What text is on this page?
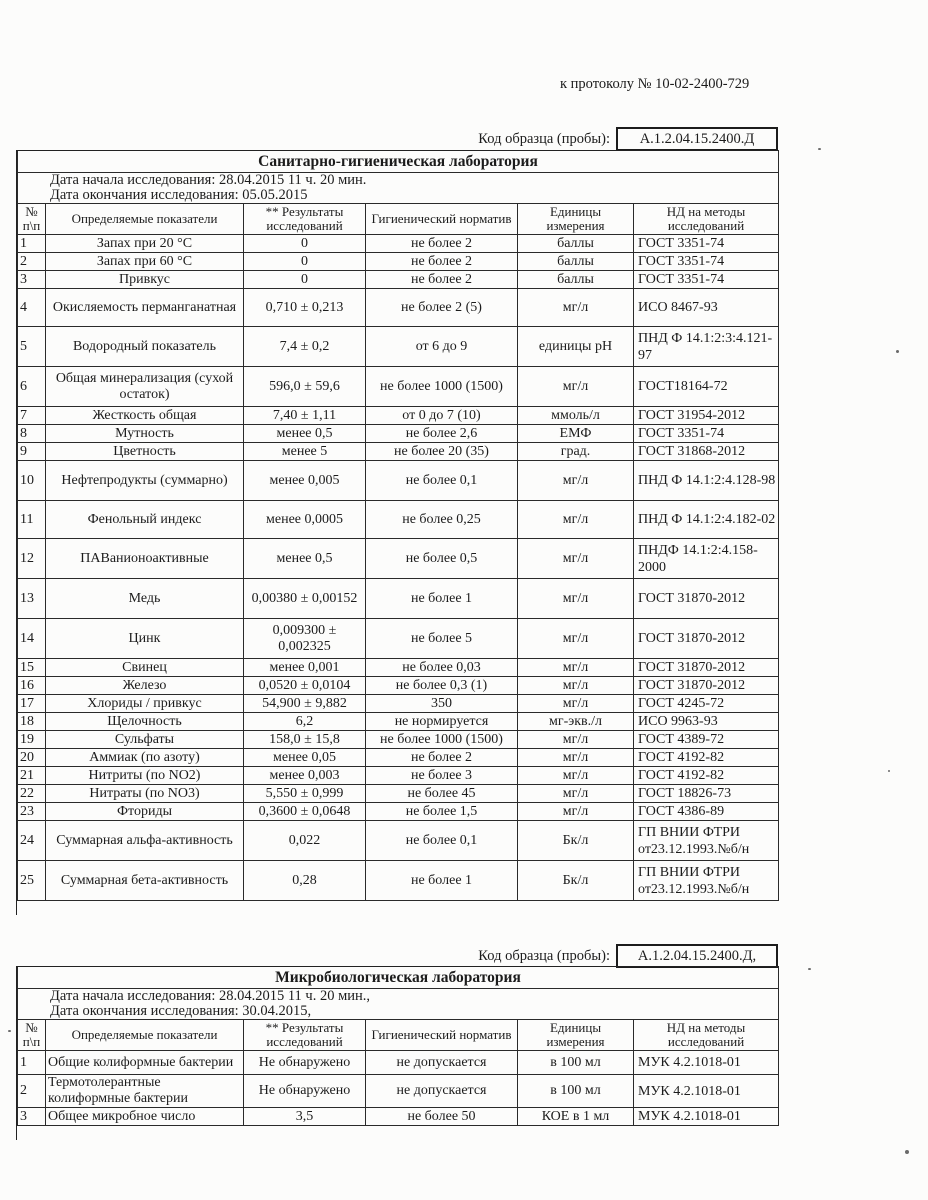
к протоколу № 10-02-2400-729
Код образца (пробы):	А.1.2.04.15.2400.Д
Санитарно-гигиеническая лаборатория					

Дата начала исследования: 28.04.2015 11 ч. 20 мин.
Дата окончания исследования: 05.05.2015					

№ п\п	Определяемые показатели	** Результаты исследований	Гигиенический норматив	Единицы измерения	НД на методы исследований
1	Запах при 20 °С	0	не более 2	баллы	ГОСТ 3351-74
2	Запах при 60 °С	0	не более 2	баллы	ГОСТ 3351-74
3	Привкус	0	не более 2	баллы	ГОСТ 3351-74
4	Окисляемость перманганатная	0,710 ± 0,213	не более 2 (5)	мг/л	ИСО 8467-93
5	Водородный показатель	7,4 ± 0,2	от 6 до 9	единицы рН	ПНД Ф 14.1:2:3:4.121-97
6	Общая минерализация (сухой остаток)	596,0 ± 59,6	не более 1000 (1500)	мг/л	ГОСТ18164-72
7	Жесткость общая	7,40 ± 1,11	от 0 до 7 (10)	ммоль/л	ГОСТ 31954-2012
8	Мутность	менее 0,5	не более 2,6	ЕМФ	ГОСТ 3351-74
9	Цветность	менее 5	не более 20 (35)	град.	ГОСТ 31868-2012
10	Нефтепродукты (суммарно)	менее 0,005	не более 0,1	мг/л	ПНД Ф 14.1:2:4.128-98
11	Фенольный индекс	менее 0,0005	не более 0,25	мг/л	ПНД Ф 14.1:2:4.182-02
12	ПАВанионоактивные	менее 0,5	не более 0,5	мг/л	ПНДФ 14.1:2:4.158-2000
13	Медь	0,00380 ± 0,00152	не более 1	мг/л	ГОСТ 31870-2012
14	Цинк	0,009300 ± 0,002325	не более 5	мг/л	ГОСТ 31870-2012
15	Свинец	менее 0,001	не более 0,03	мг/л	ГОСТ 31870-2012
16	Железо	0,0520 ± 0,0104	не более 0,3 (1)	мг/л	ГОСТ 31870-2012
17	Хлориды / привкус	54,900 ± 9,882	350	мг/л	ГОСТ 4245-72
18	Щелочность	6,2	не нормируется	мг-экв./л	ИСО 9963-93
19	Сульфаты	158,0 ± 15,8	не более 1000 (1500)	мг/л	ГОСТ 4389-72
20	Аммиак (по азоту)	менее 0,05	не более 2	мг/л	ГОСТ 4192-82
21	Нитриты (по NO2)	менее 0,003	не более 3	мг/л	ГОСТ 4192-82
22	Нитраты (по NO3)	5,550 ± 0,999	не более 45	мг/л	ГОСТ 18826-73
23	Фториды	0,3600 ± 0,0648	не более 1,5	мг/л	ГОСТ 4386-89
24	Суммарная альфа-активность	0,022	не более 0,1	Бк/л	ГП ВНИИ ФТРИ от23.12.1993.№б/н
25	Суммарная бета-активность	0,28	не более 1	Бк/л	ГП ВНИИ ФТРИ от23.12.1993.№б/н
Код образца (пробы):	А.1.2.04.15.2400.Д,
Микробиологическая лаборатория					

Дата начала исследования: 28.04.2015 11 ч. 20 мин.,
Дата окончания исследования: 30.04.2015,					

№ п\п	Определяемые показатели	** Результаты исследований	Гигиенический норматив	Единицы измерения	НД на методы исследований
1	Общие колиформные бактерии	Не обнаружено	не допускается	в 100 мл	МУК 4.2.1018-01
2	Термотолерантные колиформные бактерии	Не обнаружено	не допускается	в 100 мл	МУК 4.2.1018-01
3	Общее микробное число	3,5	не более 50	КОЕ в 1 мл	МУК 4.2.1018-01
